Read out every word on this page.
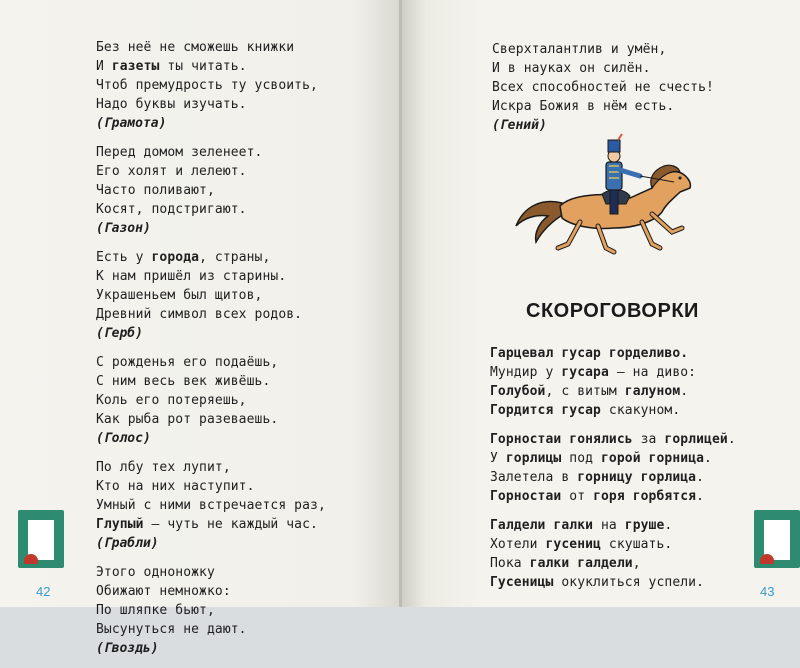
Без неё не сможешь книжки
И газеты ты читать.
Чтоб премудрость ту усвоить,
Надо буквы изучать.
(Грамота)
Перед домом зеленеет.
Его холят и лелеют.
Часто поливают,
Косят, подстригают.
(Газон)
Есть у города, страны,
К нам пришёл из старины.
Украшеньем был щитов,
Древний символ всех родов.
(Герб)
С рожденья его подаёшь,
С ним весь век живёшь.
Коль его потеряешь,
Как рыба рот разеваешь.
(Голос)
По лбу тех лупит,
Кто на них наступит.
Умный с ними встречается раз,
Глупый — чуть не каждый час.
(Грабли)
Этого одноножку
Обижают немножко:
По шляпке бьют,
Высунуться не дают.
(Гвоздь)
42
Сверхталантлив и умён,
И в науках он силён.
Всех способностей не счесть!
Искра Божия в нём есть.
(Гений)
СКОРОГОВОРКИ
Гарцевал гусар горделиво.
Мундир у гусара — на диво:
Голубой, с витым галуном.
Гордится гусар скакуном.
Горностаи гонялись за горлицей.
У горлицы под горой горница.
Залетела в горницу горлица.
Горностаи от горя горбятся.
Галдели галки на груше.
Хотели гусениц скушать.
Пока галки галдели,
Гусеницы окуклиться успели.
43
